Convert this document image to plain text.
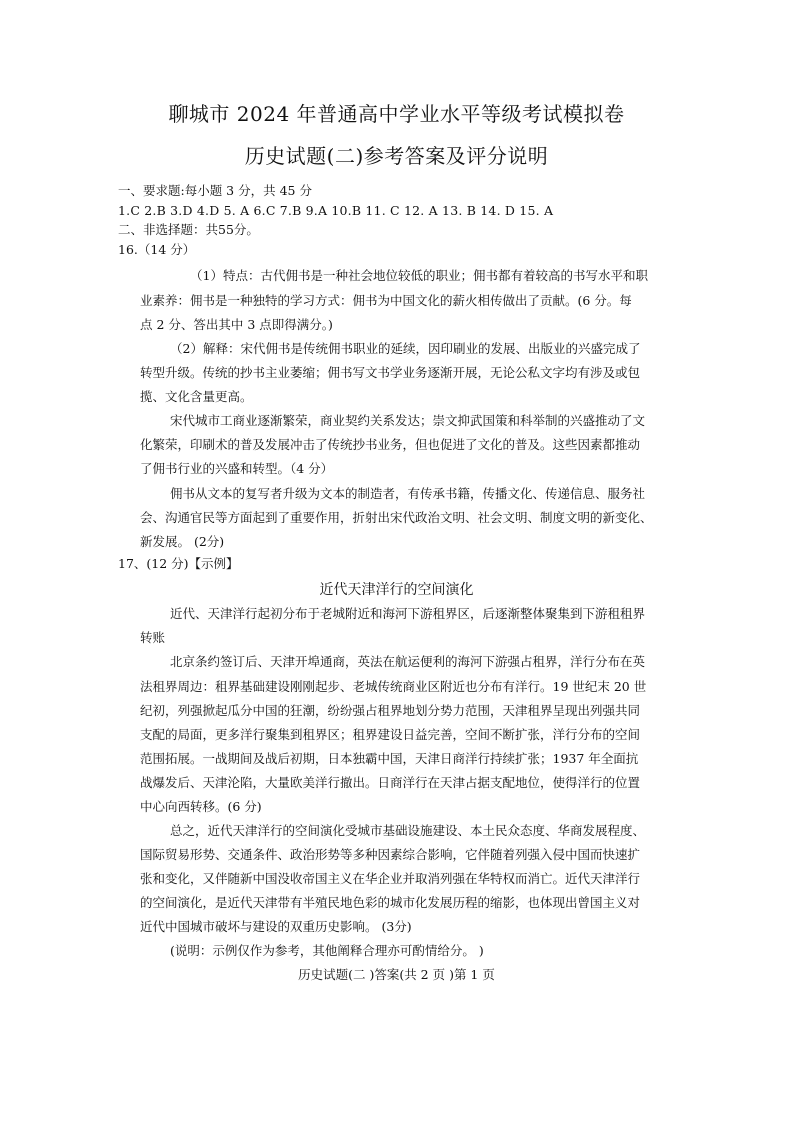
聊城市 2024 年普通高中学业水平等级考试模拟卷
历史试题(二)参考答案及评分说明
一、要求题:每小题 3 分，共 45 分
1.C 2.B 3.D 4.D 5. A 6.C 7.B 9.A 10.B 11. C 12. A 13. B 14. D 15. A
二、非选择题：共55分。
16.（14 分）
（1）特点：古代佣书是一种社会地位较低的职业；佣书都有着较高的书写水平和职
业素养：佣书是一种独特的学习方式：佣书为中国文化的薪火相传做出了贡献。(6 分。每
点 2 分、答出其中 3 点即得满分。)
（2）解释：宋代佣书是传统佣书职业的延续，因印刷业的发展、出版业的兴盛完成了
转型升级。传统的抄书主业萎缩；佣书写文书学业务逐渐开展，无论公私文字均有涉及或包
揽、文化含量更高。
宋代城市工商业逐渐繁荣，商业契约关系发达；崇文抑武国策和科举制的兴盛推动了文
化繁荣，印刷术的普及发展冲击了传统抄书业务，但也促进了文化的普及。这些因素都推动
了佣书行业的兴盛和转型。（4 分）
佣书从文本的复写者升级为文本的制造者，有传承书籍，传播文化、传递信息、服务社
会、沟通官民等方面起到了重要作用，折射出宋代政治文明、社会文明、制度文明的新变化、
新发展。 (2分)
17、(12 分)【示例】
近代天津洋行的空间演化
近代、天津洋行起初分布于老城附近和海河下游租界区，后逐渐整体聚集到下游租租界
转账
北京条约签订后、天津开埠通商，英法在航运便利的海河下游强占租界，洋行分布在英
法租界周边：租界基础建设刚刚起步、老城传统商业区附近也分布有洋行。19 世纪末 20 世
纪初，列强掀起瓜分中国的狂潮，纷纷强占租界地划分势力范围，天津租界呈现出列强共同
支配的局面，更多洋行聚集到租界区；租界建设日益完善，空间不断扩张，洋行分布的空间
范围拓展。一战期间及战后初期，日本独霸中国，天津日商洋行持续扩张；1937 年全面抗
战爆发后、天津沦陷，大量欧美洋行撤出。日商洋行在天津占据支配地位，使得洋行的位置
中心向西转移。(6 分)
总之，近代天津洋行的空间演化受城市基础设施建设、本土民众态度、华商发展程度、
国际贸易形势、交通条件、政治形势等多种因素综合影响，它伴随着列强入侵中国而快速扩
张和变化，又伴随新中国没收帝国主义在华企业并取消列强在华特权而消亡。近代天津洋行
的空间演化，是近代天津带有半殖民地色彩的城市化发展历程的缩影，也体现出曾国主义对
近代中国城市破坏与建设的双重历史影响。 (3分)
(说明：示例仅作为参考，其他阐释合理亦可酌情给分。 )
历史试题(二 )答案(共 2 页 )第 1 页
